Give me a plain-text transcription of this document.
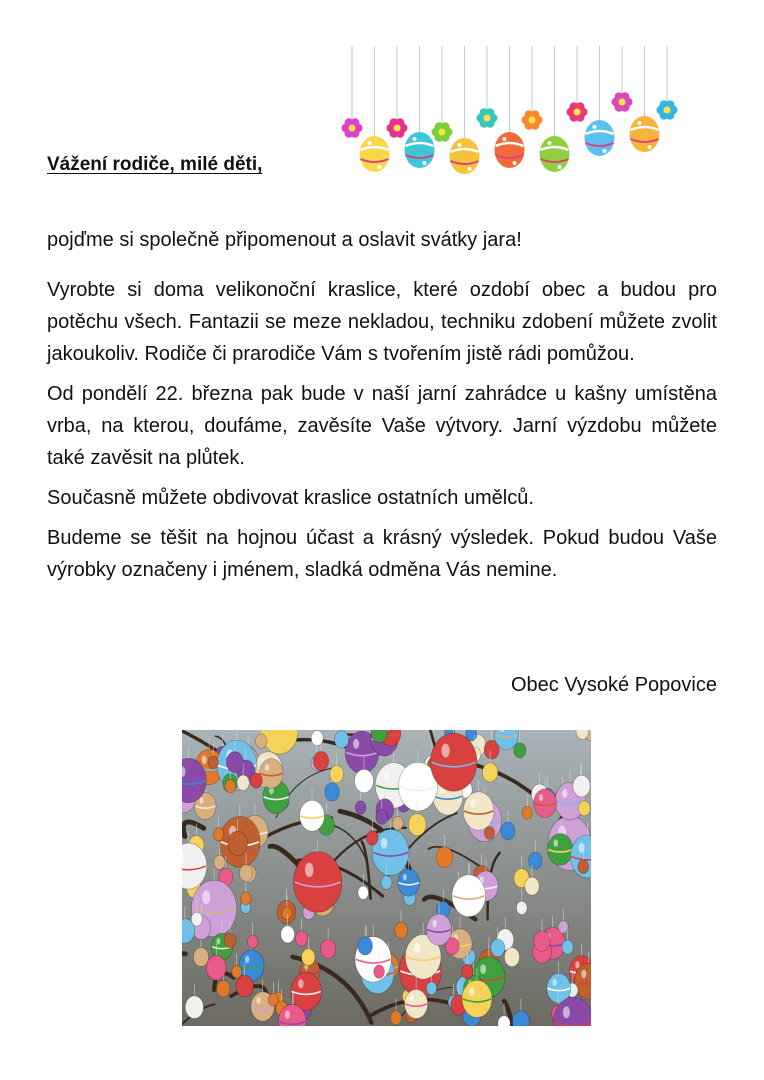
Vážení rodiče, milé děti,

pojďme si společně připomenout a oslavit svátky jara!

Vyrobte si doma velikonoční kraslice, které ozdobí obec a budou pro potěchu všech. Fantazii se meze nekladou, techniku zdobení můžete zvolit jakoukoliv. Rodiče či prarodiče Vám s tvořením jistě rádi pomůžou.

Od pondělí 22. března pak bude v naší jarní zahrádce u kašny umístěna vrba, na kterou, doufáme, zavěsíte Vaše výtvory. Jarní výzdobu můžete také zavěsit na plůtek.

Současně můžete obdivovat kraslice ostatních umělců.

Budeme se těšit na hojnou účast a krásný výsledek. Pokud budou Vaše výrobky označeny i jménem, sladká odměna Vás nemine.

Obec Vysoké Popovice
